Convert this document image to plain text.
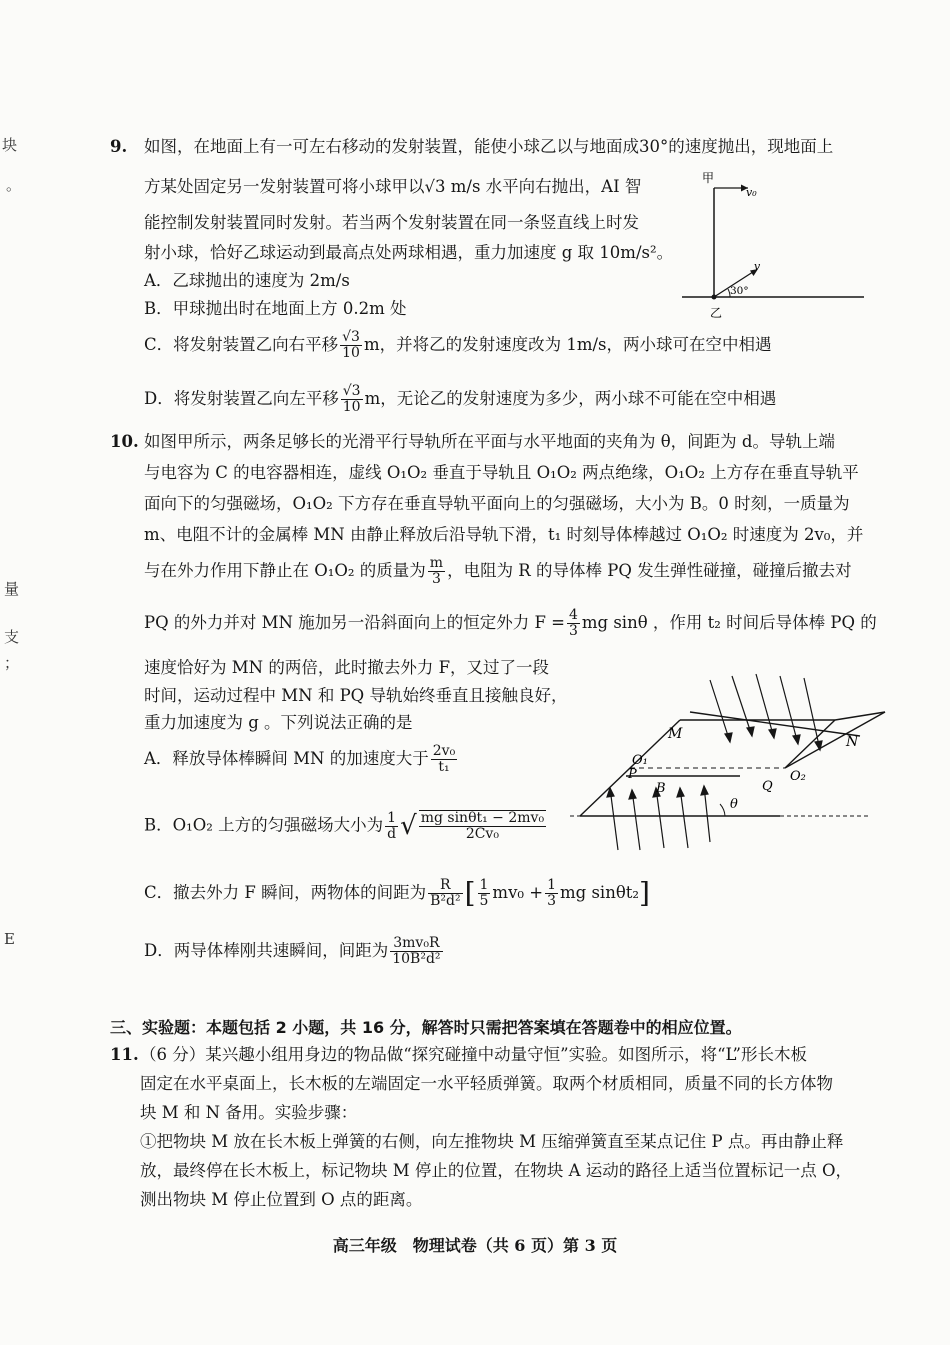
块
。
量
支
；
E
9. 如图，在地面上有一可左右移动的发射装置，能使小球乙以与地面成30°的速度抛出，现地面上
方某处固定另一发射装置可将小球甲以√3 m/s 水平向右抛出，AI 智
能控制发射装置同时发射。若当两个发射装置在同一条竖直线上时发
射小球，恰好乙球运动到最高点处两球相遇，重力加速度 g 取 10m/s²。
A．乙球抛出的速度为 2m/s
B．甲球抛出时在地面上方 0.2m 处
C．将发射装置乙向右平移 $\frac{√3}{10}$ m，并将乙的发射速度改为 1m/s，两小球可在空中相遇
D．将发射装置乙向左平移 $\frac{√3}{10}$ m，无论乙的发射速度为多少，两小球不可能在空中相遇
甲
v₀
v
30°
乙
10. 如图甲所示，两条足够长的光滑平行导轨所在平面与水平地面的夹角为 θ，间距为 d。导轨上端
与电容为 C 的电容器相连，虚线 O₁O₂ 垂直于导轨且 O₁O₂ 两点绝缘，O₁O₂ 上方存在垂直导轨平
面向下的匀强磁场，O₁O₂ 下方存在垂直导轨平面向上的匀强磁场，大小为 B。0 时刻，一质量为
m、电阻不计的金属棒 MN 由静止释放后沿导轨下滑，t₁ 时刻导体棒越过 O₁O₂ 时速度为 2v₀，并
与在外力作用下静止在 O₁O₂ 的质量为 $\frac{m}{3}$ ，电阻为 R 的导体棒 PQ 发生弹性碰撞，碰撞后撤去对
PQ 的外力并对 MN 施加另一沿斜面向上的恒定外力 $F = \frac{4}{3}$ mg sinθ ，作用 t₂ 时间后导体棒 PQ 的
速度恰好为 MN 的两倍，此时撤去外力 F，又过了一段
时间，运动过程中 MN 和 PQ 导轨始终垂直且接触良好，
重力加速度为 g 。下列说法正确的是
A．释放导体棒瞬间 MN 的加速度大于 $\frac{\text{2v₀}}{\text{t₁}}$
B．O₁O₂ 上方的匀强磁场大小为 $\frac{1}{d}$ √ $\frac{\text{mg sinθt₁ − 2mv₀}}{\text{2Cv₀}}$
C．撤去外力 F 瞬间，两物体的间距为 $\frac{R}{\text{B²d²}}$ [ $\frac{1}{5} mv_0 + \frac{1}{3}$ mg sinθt₂]
D．两导体棒刚共速瞬间，间距为 $\frac{\text{3mv₀R}}{\text{10B²d²}}$
M	N
O₁
P	O₂
Q
B
θ
三、实验题：本题包括 2 小题，共 16 分，解答时只需把答案填在答题卷中的相应位置。
11. （6 分）某兴趣小组用身边的物品做“探究碰撞中动量守恒”实验。如图所示，将“L”形长木板
固定在水平桌面上，长木板的左端固定一水平轻质弹簧。取两个材质相同，质量不同的长方体物
块 M 和 N 备用。实验步骤：
①把物块 M 放在长木板上弹簧的右侧，向左推物块 M 压缩弹簧直至某点记住 P 点。再由静止释
放，最终停在长木板上，标记物块 M 停止的位置，在物块 A 运动的路径上适当位置标记一点 O，
测出物块 M 停止位置到 O 点的距离。
高三年级　物理试卷（共 6 页）第 3 页
